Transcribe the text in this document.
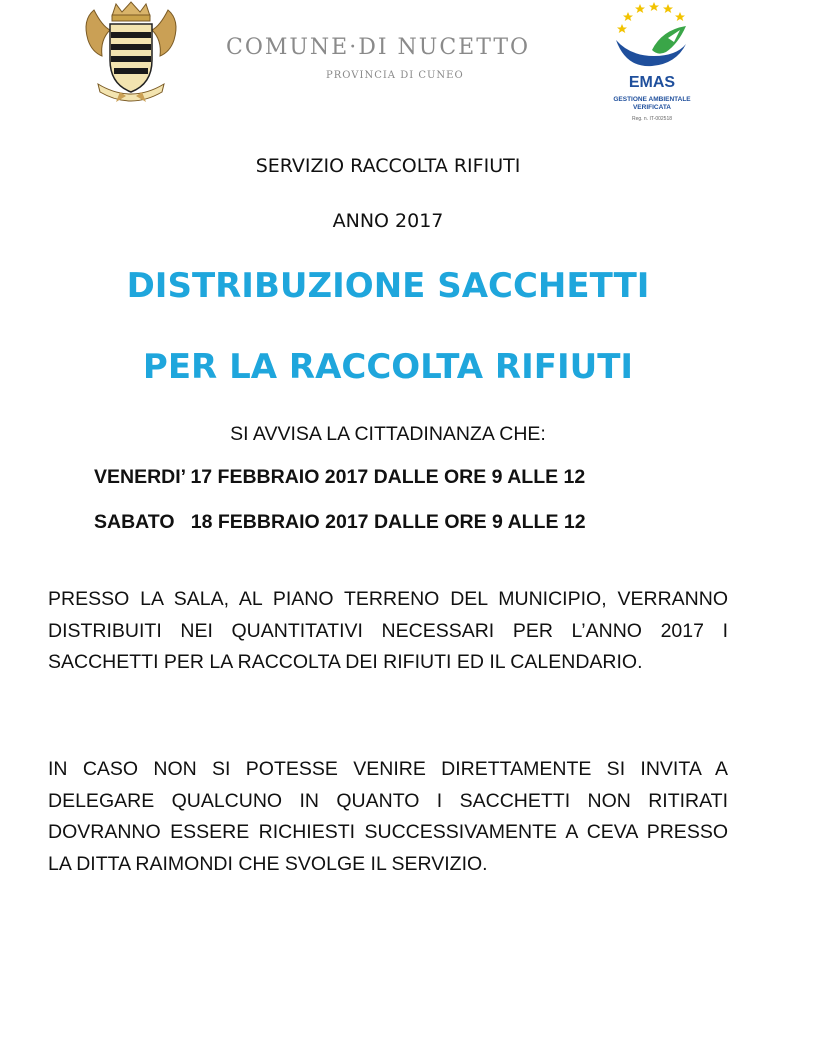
COMUNE·DI NUCETTO
PROVINCIA DI CUNEO	EMAS
GESTIONE AMBIENTALE
VERIFICATA
Reg. n. IT-002518
SERVIZIO RACCOLTA RIFIUTI
ANNO 2017
DISTRIBUZIONE SACCHETTI
PER LA RACCOLTA RIFIUTI
SI AVVISA LA CITTADINANZA CHE:
VENERDI’ 17 FEBBRAIO 2017 DALLE ORE 9 ALLE 12
SABATO   18 FEBBRAIO 2017 DALLE ORE 9 ALLE 12
PRESSO LA SALA, AL PIANO TERRENO DEL MUNICIPIO, VERRANNO DISTRIBUITI NEI QUANTITATIVI NECESSARI PER L’ANNO 2017 I SACCHETTI PER LA RACCOLTA DEI RIFIUTI ED IL CALENDARIO.
IN CASO NON SI POTESSE VENIRE DIRETTAMENTE SI INVITA A DELEGARE QUALCUNO IN QUANTO I SACCHETTI NON RITIRATI DOVRANNO ESSERE RICHIESTI SUCCESSIVAMENTE A CEVA PRESSO LA DITTA RAIMONDI CHE SVOLGE IL SERVIZIO.
